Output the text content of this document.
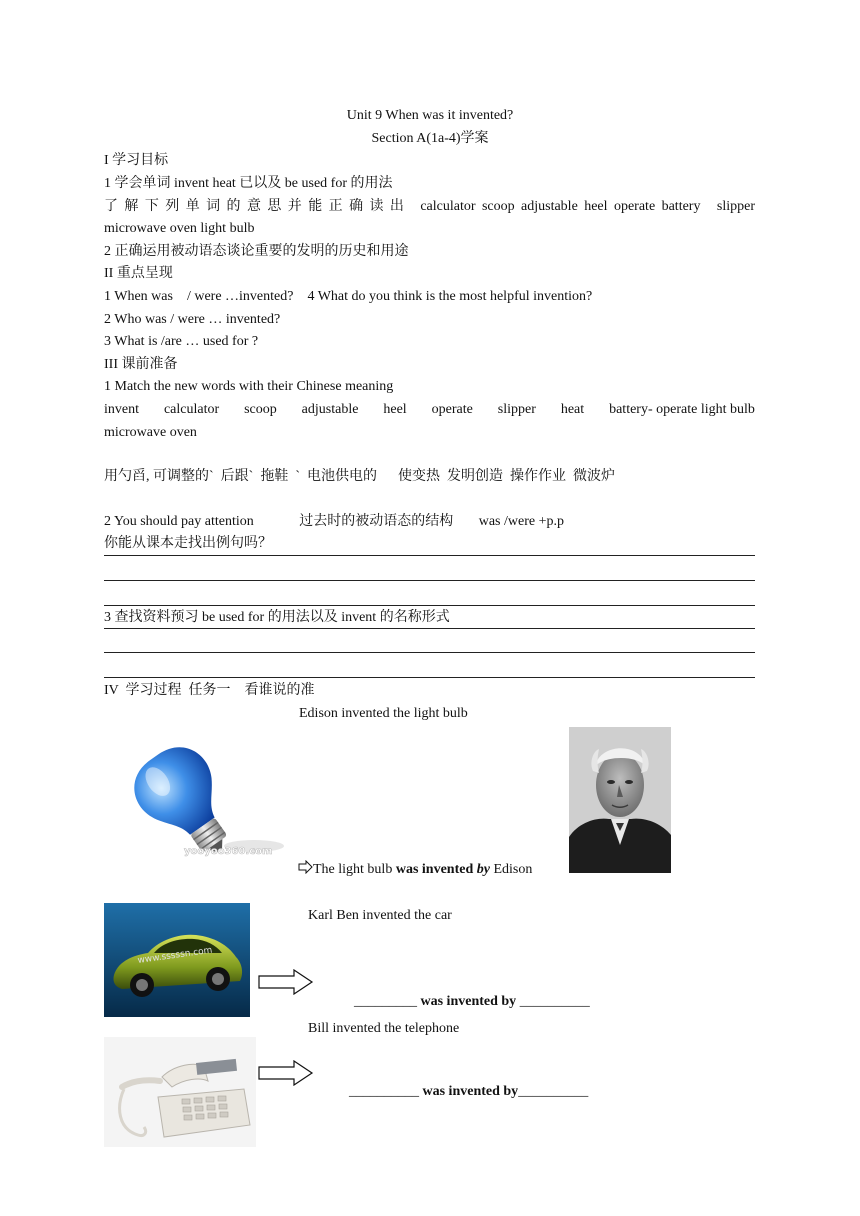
Unit 9 When was it invented?
Section A(1a-4)学案
I 学习目标
1 学会单词 invent heat 已以及 be used for 的用法
了 解 下 列 单 词 的 意 思 并 能 正 确 读 出 calculator scoop adjustable heel operate battery slipper
microwave oven light bulb
2 正确运用被动语态谈论重要的发明的历史和用途
II 重点呈现
1 When was    / were …invented?    4 What do you think is the most helpful invention?
2 Who was / were … invented?
3 What is /are … used for ?
III 课前准备
1 Match the new words with their Chinese meaning
invent calculator scoop adjustable heel operate slipper heat battery- operate light bulb
microwave oven
用勺舀, 可调整的`  后跟`  拖鞋  `  电池供电的      使变热  发明创造  操作作业  微波炉
2 You should pay attention	过去时的被动语态的结构 was /were +p.p
你能从课本走找出例句吗？
3 查找资料预习 be used for 的用法以及 invent 的名称形式
IV  学习过程  任务一    看谁说的准
Edison invented the light bulb
yooyoo360.com
The light bulb was invented by Edison
www.sssssn.com
Karl Ben invented the car

_________ was invented by __________

Bill invented the telephone

__________ was invented by__________
